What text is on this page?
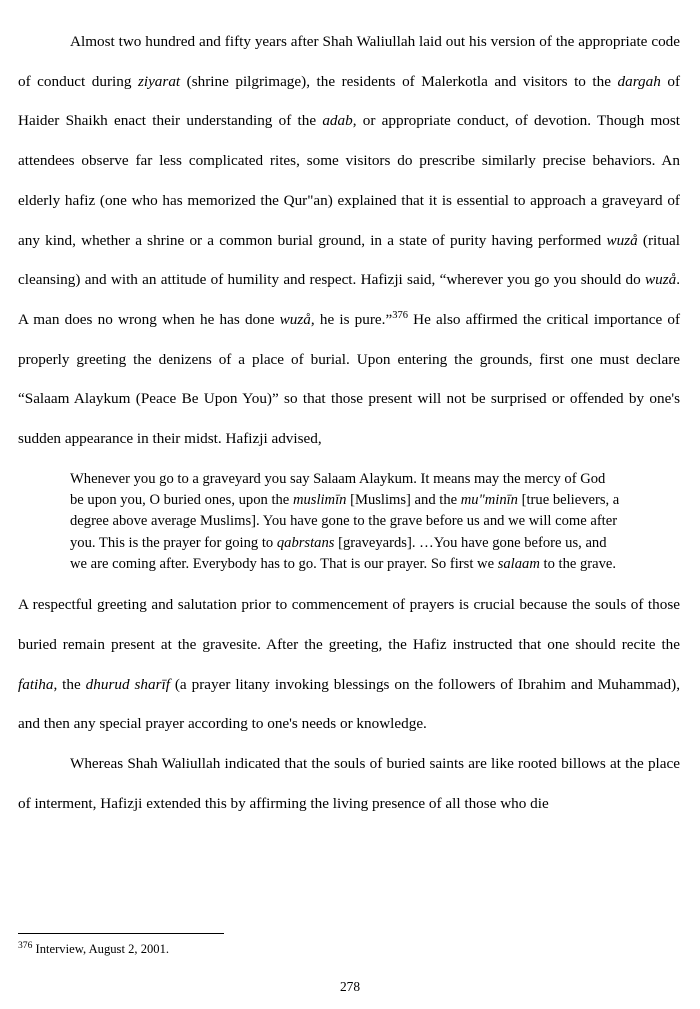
Almost two hundred and fifty years after Shah Waliullah laid out his version of the appropriate code of conduct during ziyarat (shrine pilgrimage), the residents of Malerkotla and visitors to the dargah of Haider Shaikh enact their understanding of the adab, or appropriate conduct, of devotion. Though most attendees observe far less complicated rites, some visitors do prescribe similarly precise behaviors. An elderly hafiz (one who has memorized the Qur"an) explained that it is essential to approach a graveyard of any kind, whether a shrine or a common burial ground, in a state of purity having performed wuzå (ritual cleansing) and with an attitude of humility and respect. Hafizji said, “wherever you go you should do wuzå. A man does no wrong when he has done wuzå, he is pure.”$^{376}$ He also affirmed the critical importance of properly greeting the denizens of a place of burial. Upon entering the grounds, first one must declare “Salaam Alaykum (Peace Be Upon You)” so that those present will not be surprised or offended by one's sudden appearance in their midst. Hafizji advised,

Whenever you go to a graveyard you say Salaam Alaykum. It means may the mercy of God be upon you, O buried ones, upon the muslimīn [Muslims] and the mu"minīn [true believers, a degree above average Muslims]. You have gone to the grave before us and we will come after you. This is the prayer for going to qabrstans [graveyards]. …You have gone before us, and we are coming after. Everybody has to go. That is our prayer. So first we salaam to the grave.

A respectful greeting and salutation prior to commencement of prayers is crucial because the souls of those buried remain present at the gravesite. After the greeting, the Hafiz instructed that one should recite the fatiha, the dhurud sharīf (a prayer litany invoking blessings on the followers of Ibrahim and Muhammad), and then any special prayer according to one's needs or knowledge.

Whereas Shah Waliullah indicated that the souls of buried saints are like rooted billows at the place of interment, Hafizji extended this by affirming the living presence of all those who die

$^{376}$ Interview, August 2, 2001.
278
